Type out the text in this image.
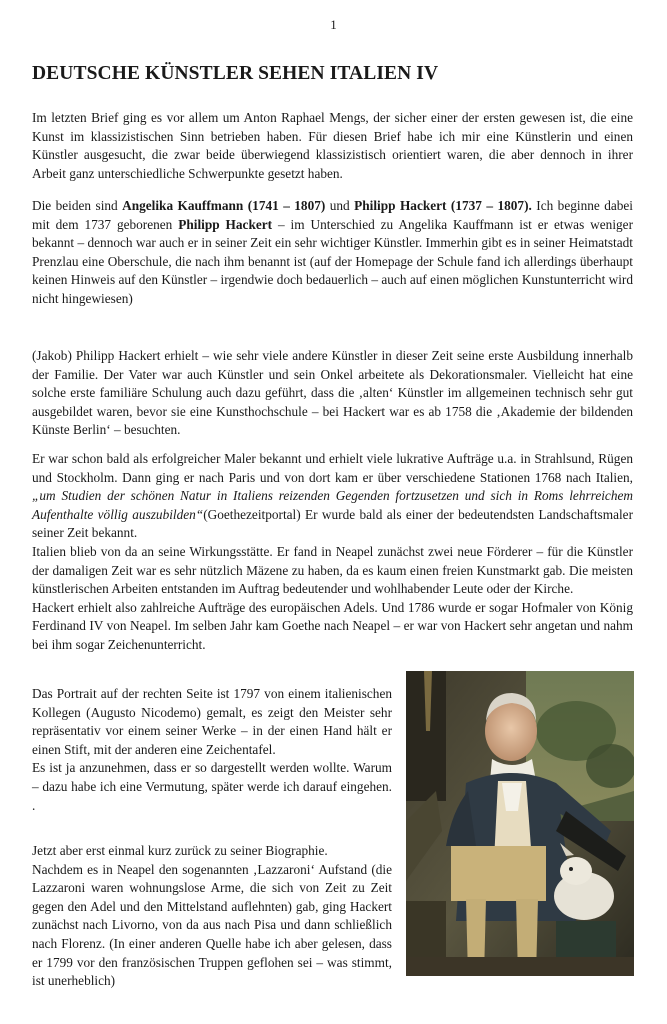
1
DEUTSCHE KÜNSTLER SEHEN ITALIEN IV

Im letzten Brief ging es vor allem um Anton Raphael Mengs, der sicher einer der ersten gewesen ist, die eine Kunst im klassizistischen Sinn betrieben haben. Für diesen Brief habe ich mir eine Künstlerin und einen Künstler ausgesucht, die zwar beide überwiegend klassizistisch orientiert waren, die aber dennoch in ihrer Arbeit ganz unterschiedliche Schwerpunkte gesetzt haben.

Die beiden sind Angelika Kauffmann (1741 – 1807) und Philipp Hackert (1737 – 1807). Ich beginne dabei mit dem 1737 geborenen Philipp Hackert – im Unterschied zu Angelika Kauffmann ist er etwas weniger bekannt – dennoch war auch er in seiner Zeit ein sehr wichtiger Künstler. Immerhin gibt es in seiner Heimatstadt Prenzlau eine Oberschule, die nach ihm benannt ist (auf der Homepage der Schule fand ich allerdings überhaupt keinen Hinweis auf den Künstler – irgendwie doch bedauerlich – auch auf einen möglichen Kunstunterricht wird nicht hingewiesen)

(Jakob) Philipp Hackert erhielt – wie sehr viele andere Künstler in dieser Zeit seine erste Ausbildung innerhalb der Familie. Der Vater war auch Künstler und sein Onkel arbeitete als Dekorationsmaler. Vielleicht hat eine solche erste familiäre Schulung auch dazu geführt, dass die ‚alten‘ Künstler im allgemeinen technisch sehr gut ausgebildet waren, bevor sie eine Kunsthochschule – bei Hackert war es ab 1758 die ‚Akademie der bildenden Künste Berlin‘ – besuchten.

Er war schon bald als erfolgreicher Maler bekannt und erhielt viele lukrative Aufträge u.a. in Strahlsund, Rügen und Stockholm. Dann ging er nach Paris und von dort kam er über verschiedene Stationen 1768 nach Italien, „um Studien der schönen Natur in Italiens reizenden Gegenden fortzusetzen und sich in Roms lehrreichem Aufenthalte völlig auszubilden“(Goethezeitportal) Er wurde bald als einer der bedeutendsten Landschaftsmaler seiner Zeit bekannt.
Italien blieb von da an seine Wirkungsstätte. Er fand in Neapel zunächst zwei neue Förderer – für die Künstler der damaligen Zeit war es sehr nützlich Mäzene zu haben, da es kaum einen freien Kunstmarkt gab. Die meisten künstlerischen Arbeiten entstanden im Auftrag bedeutender und wohlhabender Leute oder der Kirche.
Hackert erhielt also zahlreiche Aufträge des europäischen Adels. Und 1786 wurde er sogar Hofmaler von König Ferdinand IV von Neapel. Im selben Jahr kam Goethe nach Neapel – er war von Hackert sehr angetan und nahm bei ihm sogar Zeichenunterricht.
Das Portrait auf der rechten Seite ist 1797 von einem italienischen Kollegen (Augusto Nicodemo) gemalt, es zeigt den Meister sehr repräsentativ vor einem seiner Werke – in der einen Hand hält er einen Stift, mit der anderen eine Zeichentafel.
Es ist ja anzunehmen, dass er so dargestellt werden wollte. Warum – dazu habe ich eine Vermutung, später werde ich darauf eingehen. .
Jetzt aber erst einmal kurz zurück zu seiner Biographie.
Nachdem es in Neapel den sogenannten ‚Lazzaroni‘ Aufstand (die Lazzaroni waren wohnungslose Arme, die sich von Zeit zu Zeit gegen den Adel und den Mittelstand auflehnten) gab, ging Hackert zunächst nach Livorno, von da aus nach Pisa und dann schließlich nach Florenz. (In einer anderen Quelle habe ich aber gelesen, dass er 1799 vor den französischen Truppen geflohen sei – was stimmt, ist unerheblich)
